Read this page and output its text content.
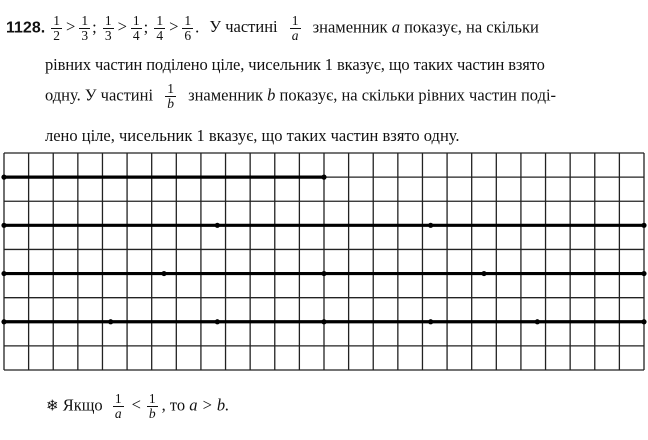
1128. $\frac{1}{2} > \frac{1}{3}$ ; $\frac{1}{3} > \frac{1}{4}$ ; $\frac{1}{4} > \frac{1}{6}$ . У частині $\frac{1}{a}$ знаменник a показує, на скільки
рівних частин поділено ціле, чисельник 1 вказує, що таких частин взято
одну. У частині $\frac{1}{b}$ знаменник b показує, на скільки рівних частин поді-
лено ціле, чисельник 1 вказує, що таких частин взято одну.
❄ Якщо $\frac{1}{a} < \frac{1}{b}$ , то a > b.
